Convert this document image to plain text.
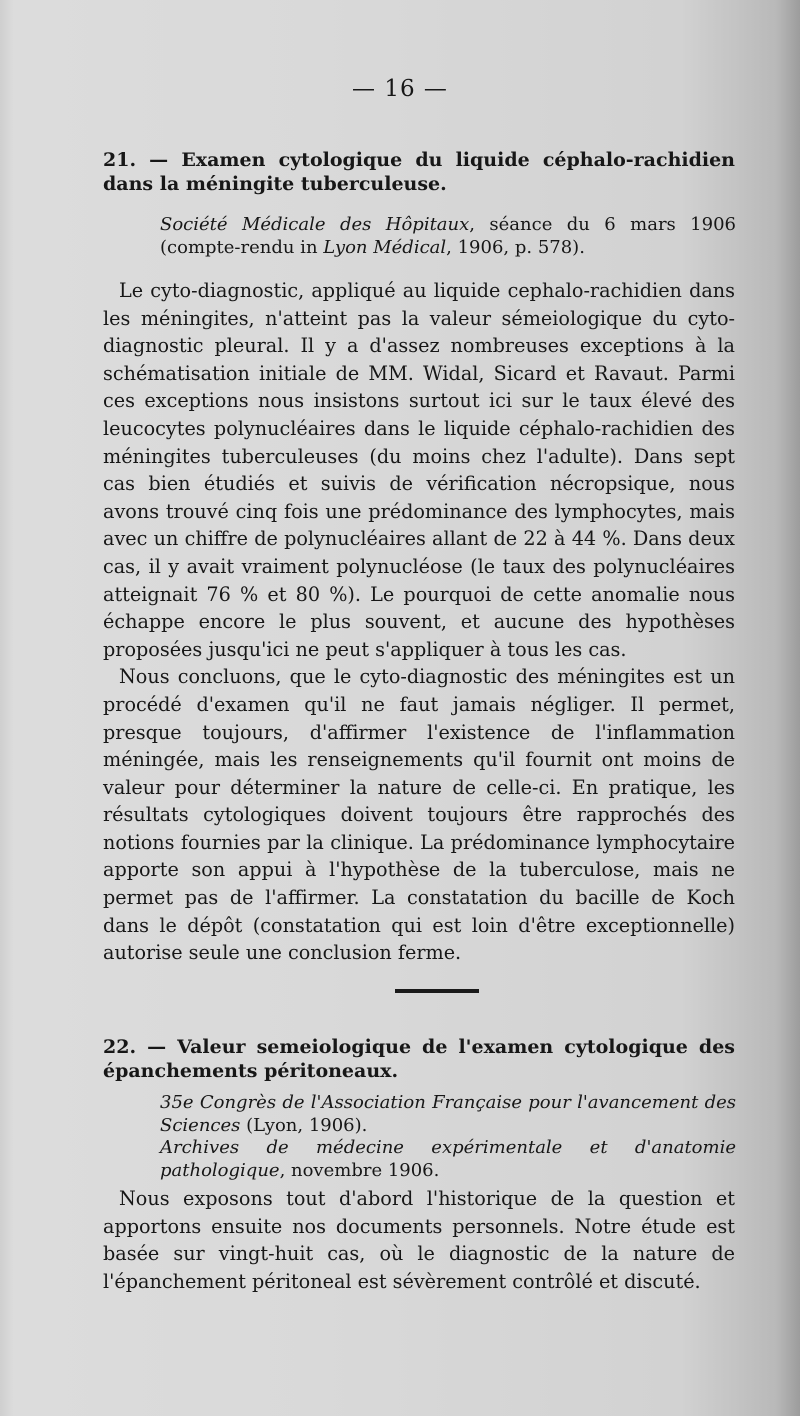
— 16 —
21. — Examen cytologique du liquide céphalo-rachidien dans la méningite tuberculeuse.
Société Médicale des Hôpitaux, séance du 6 mars 1906 (compte-rendu in Lyon Médical, 1906, p. 578).

Le cyto-diagnostic, appliqué au liquide cephalo-rachidien dans les méningites, n'atteint pas la valeur sémeiologique du cyto-diagnostic pleural. Il y a d'assez nombreuses exceptions à la schématisation initiale de MM. Widal, Sicard et Ravaut. Parmi ces exceptions nous insistons surtout ici sur le taux élevé des leucocytes polynucléaires dans le liquide céphalo-rachidien des méningites tuberculeuses (du moins chez l'adulte). Dans sept cas bien étudiés et suivis de vérification nécropsique, nous avons trouvé cinq fois une prédominance des lymphocytes, mais avec un chiffre de polynucléaires allant de 22 à 44 %. Dans deux cas, il y avait vraiment polynucléose (le taux des polynucléaires atteignait 76 % et 80 %). Le pourquoi de cette anomalie nous échappe encore le plus souvent, et aucune des hypothèses proposées jusqu'ici ne peut s'appliquer à tous les cas.

Nous concluons, que le cyto-diagnostic des méningites est un procédé d'examen qu'il ne faut jamais négliger. Il permet, presque toujours, d'affirmer l'existence de l'inflammation méningée, mais les renseignements qu'il fournit ont moins de valeur pour déterminer la nature de celle-ci. En pratique, les résultats cytologiques doivent toujours être rapprochés des notions fournies par la clinique. La prédominance lymphocytaire apporte son appui à l'hypothèse de la tuberculose, mais ne permet pas de l'affirmer. La constatation du bacille de Koch dans le dépôt (constatation qui est loin d'être exceptionnelle) autorise seule une conclusion ferme.

22. — Valeur semeiologique de l'examen cytologique des épanchements péritoneaux.

35e Congrès de l'Association Française pour l'avancement des Sciences (Lyon, 1906).

Archives de médecine expérimentale et d'anatomie pathologique, novembre 1906.

Nous exposons tout d'abord l'historique de la question et apportons ensuite nos documents personnels. Notre étude est basée sur vingt-huit cas, où le diagnostic de la nature de l'épanchement péritoneal est sévèrement contrôlé et discuté.
